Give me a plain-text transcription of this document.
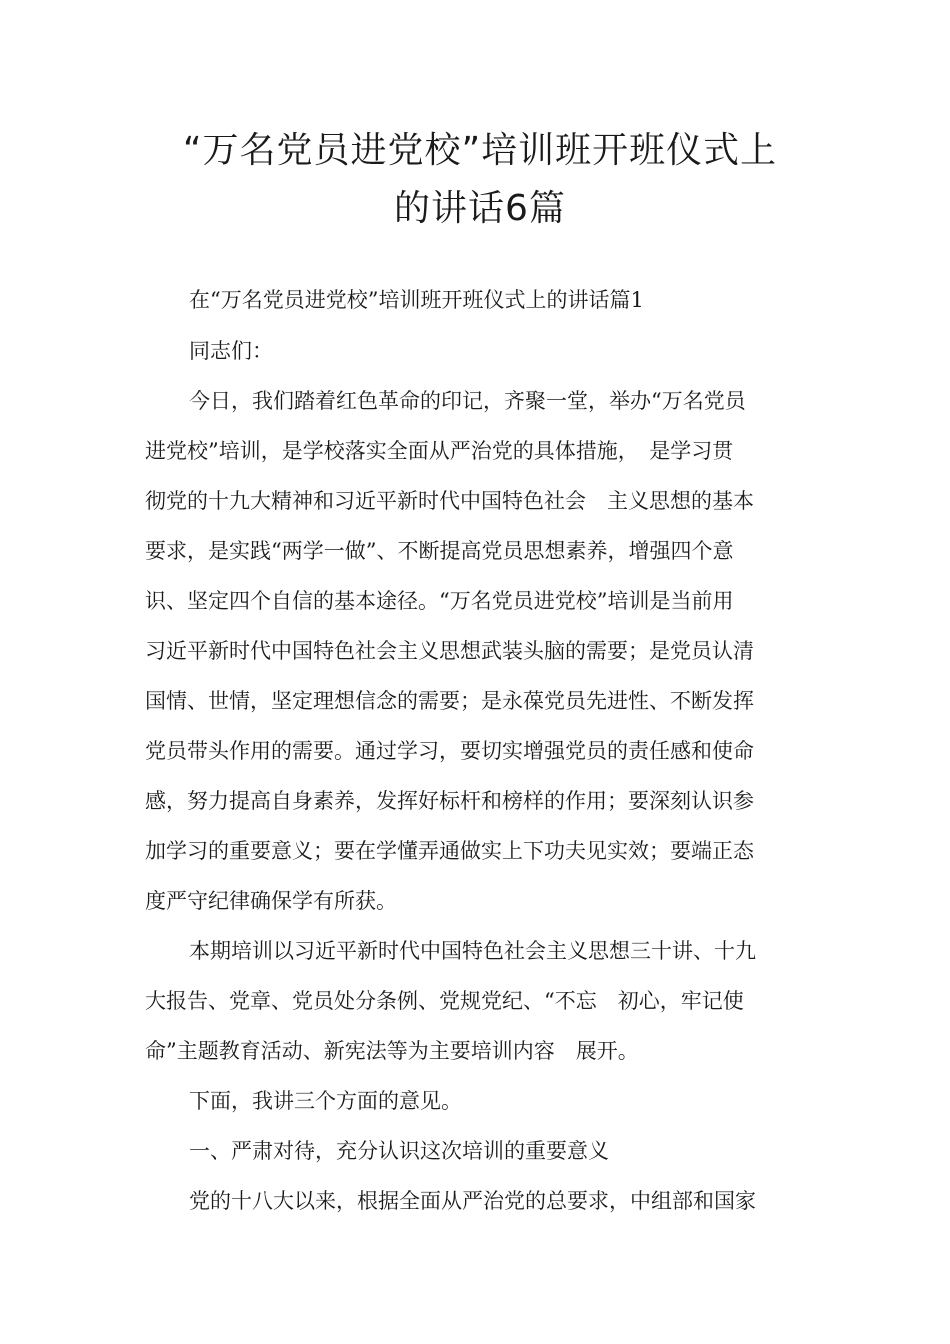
“万名党员进党校”培训班开班仪式上
的讲话6篇
在“万名党员进党校”培训班开班仪式上的讲话篇1
同志们：
今日，我们踏着红色革命的印记，齐聚一堂，举办“万名党员
进党校”培训，是学校落实全面从严治党的具体措施，　是学习贯
彻党的十九大精神和习近平新时代中国特色社会　主义思想的基本
要求，是实践“两学一做”、不断提高党员思想素养，增强四个意
识、坚定四个自信的基本途径。“万名党员进党校”培训是当前用
习近平新时代中国特色社会主义思想武装头脑的需要；是党员认清
国情、世情，坚定理想信念的需要；是永葆党员先进性、不断发挥
党员带头作用的需要。通过学习，要切实增强党员的责任感和使命
感，努力提高自身素养，发挥好标杆和榜样的作用；要深刻认识参
加学习的重要意义；要在学懂弄通做实上下功夫见实效；要端正态
度严守纪律确保学有所获。
本期培训以习近平新时代中国特色社会主义思想三十讲、十九
大报告、党章、党员处分条例、党规党纪、“不忘　初心，牢记使
命”主题教育活动、新宪法等为主要培训内容　展开。
下面，我讲三个方面的意见。
一、严肃对待，充分认识这次培训的重要意义
党的十八大以来，根据全面从严治党的总要求，中组部和国家
